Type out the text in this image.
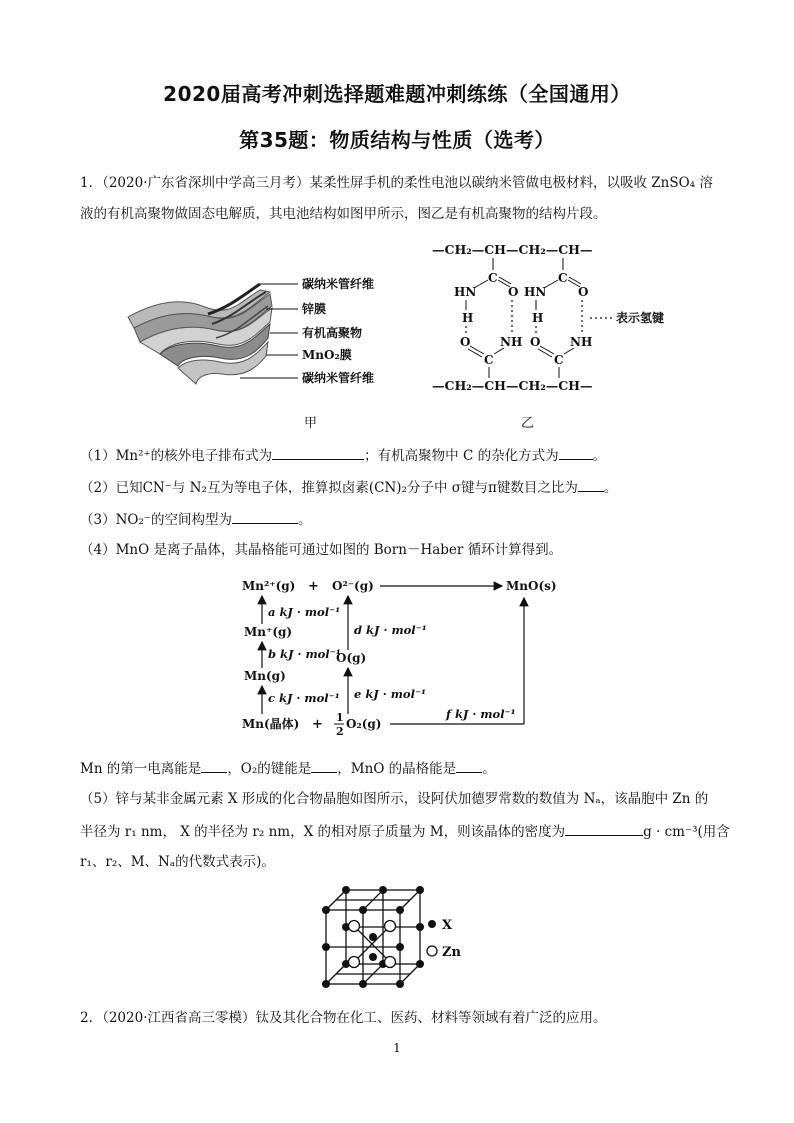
2020届高考冲刺选择题难题冲刺练练（全国通用）
第35题：物质结构与性质（选考）
1．（2020·广东省深圳中学高三月考）某柔性屏手机的柔性电池以碳纳米管做电极材料，以吸收 ZnSO₄ 溶
液的有机高聚物做固态电解质，其电池结构如图甲所示，图乙是有机高聚物的结构片段。
碳纳米管纤维
锌膜
有机高聚物
MnO₂膜
碳纳米管纤维
甲
—CH₂—CH—CH₂—CH—
C	C
HN	O HN	O
H	H	表示氢键
O NH O NH
C	C
—CH₂—CH—CH₂—CH—
乙
（1）Mn²⁺的核外电子排布式为	；有机高聚物中 C 的杂化方式为	。
（2）已知CN⁻与 N₂互为等电子体，推算拟卤素(CN)₂分子中 σ键与π键数目之比为 。
（3）NO₂⁻的空间构型为	。
（4）MnO 是离子晶体，其晶格能可通过如图的 Born－Haber 循环计算得到。
Mn²⁺(g) + O²⁻(g)	MnO(s)
a kJ · mol⁻¹
d kJ · mol⁻¹
Mn⁺(g)
b kJ · mol⁻¹
O(g)
Mn(g)
c kJ · mol⁻¹ e kJ · mol⁻¹
Mn(晶体) + 1
2
O₂(g)
f kJ · mol⁻¹
Mn 的第一电离能是 ，O₂的键能是 ，MnO 的晶格能是 。
（5）锌与某非金属元素 X 形成的化合物晶胞如图所示，设阿伏加德罗常数的数值为 Nₐ，该晶胞中 Zn 的
半径为 r₁ nm， X 的半径为 r₂ nm，X 的相对原子质量为 M，则该晶体的密度为	g · cm⁻³(用含
r₁、r₂、M、Nₐ的代数式表示)。
X
Zn
2．（2020·江西省高三零模）钛及其化合物在化工、医药、材料等领域有着广泛的应用。
1
